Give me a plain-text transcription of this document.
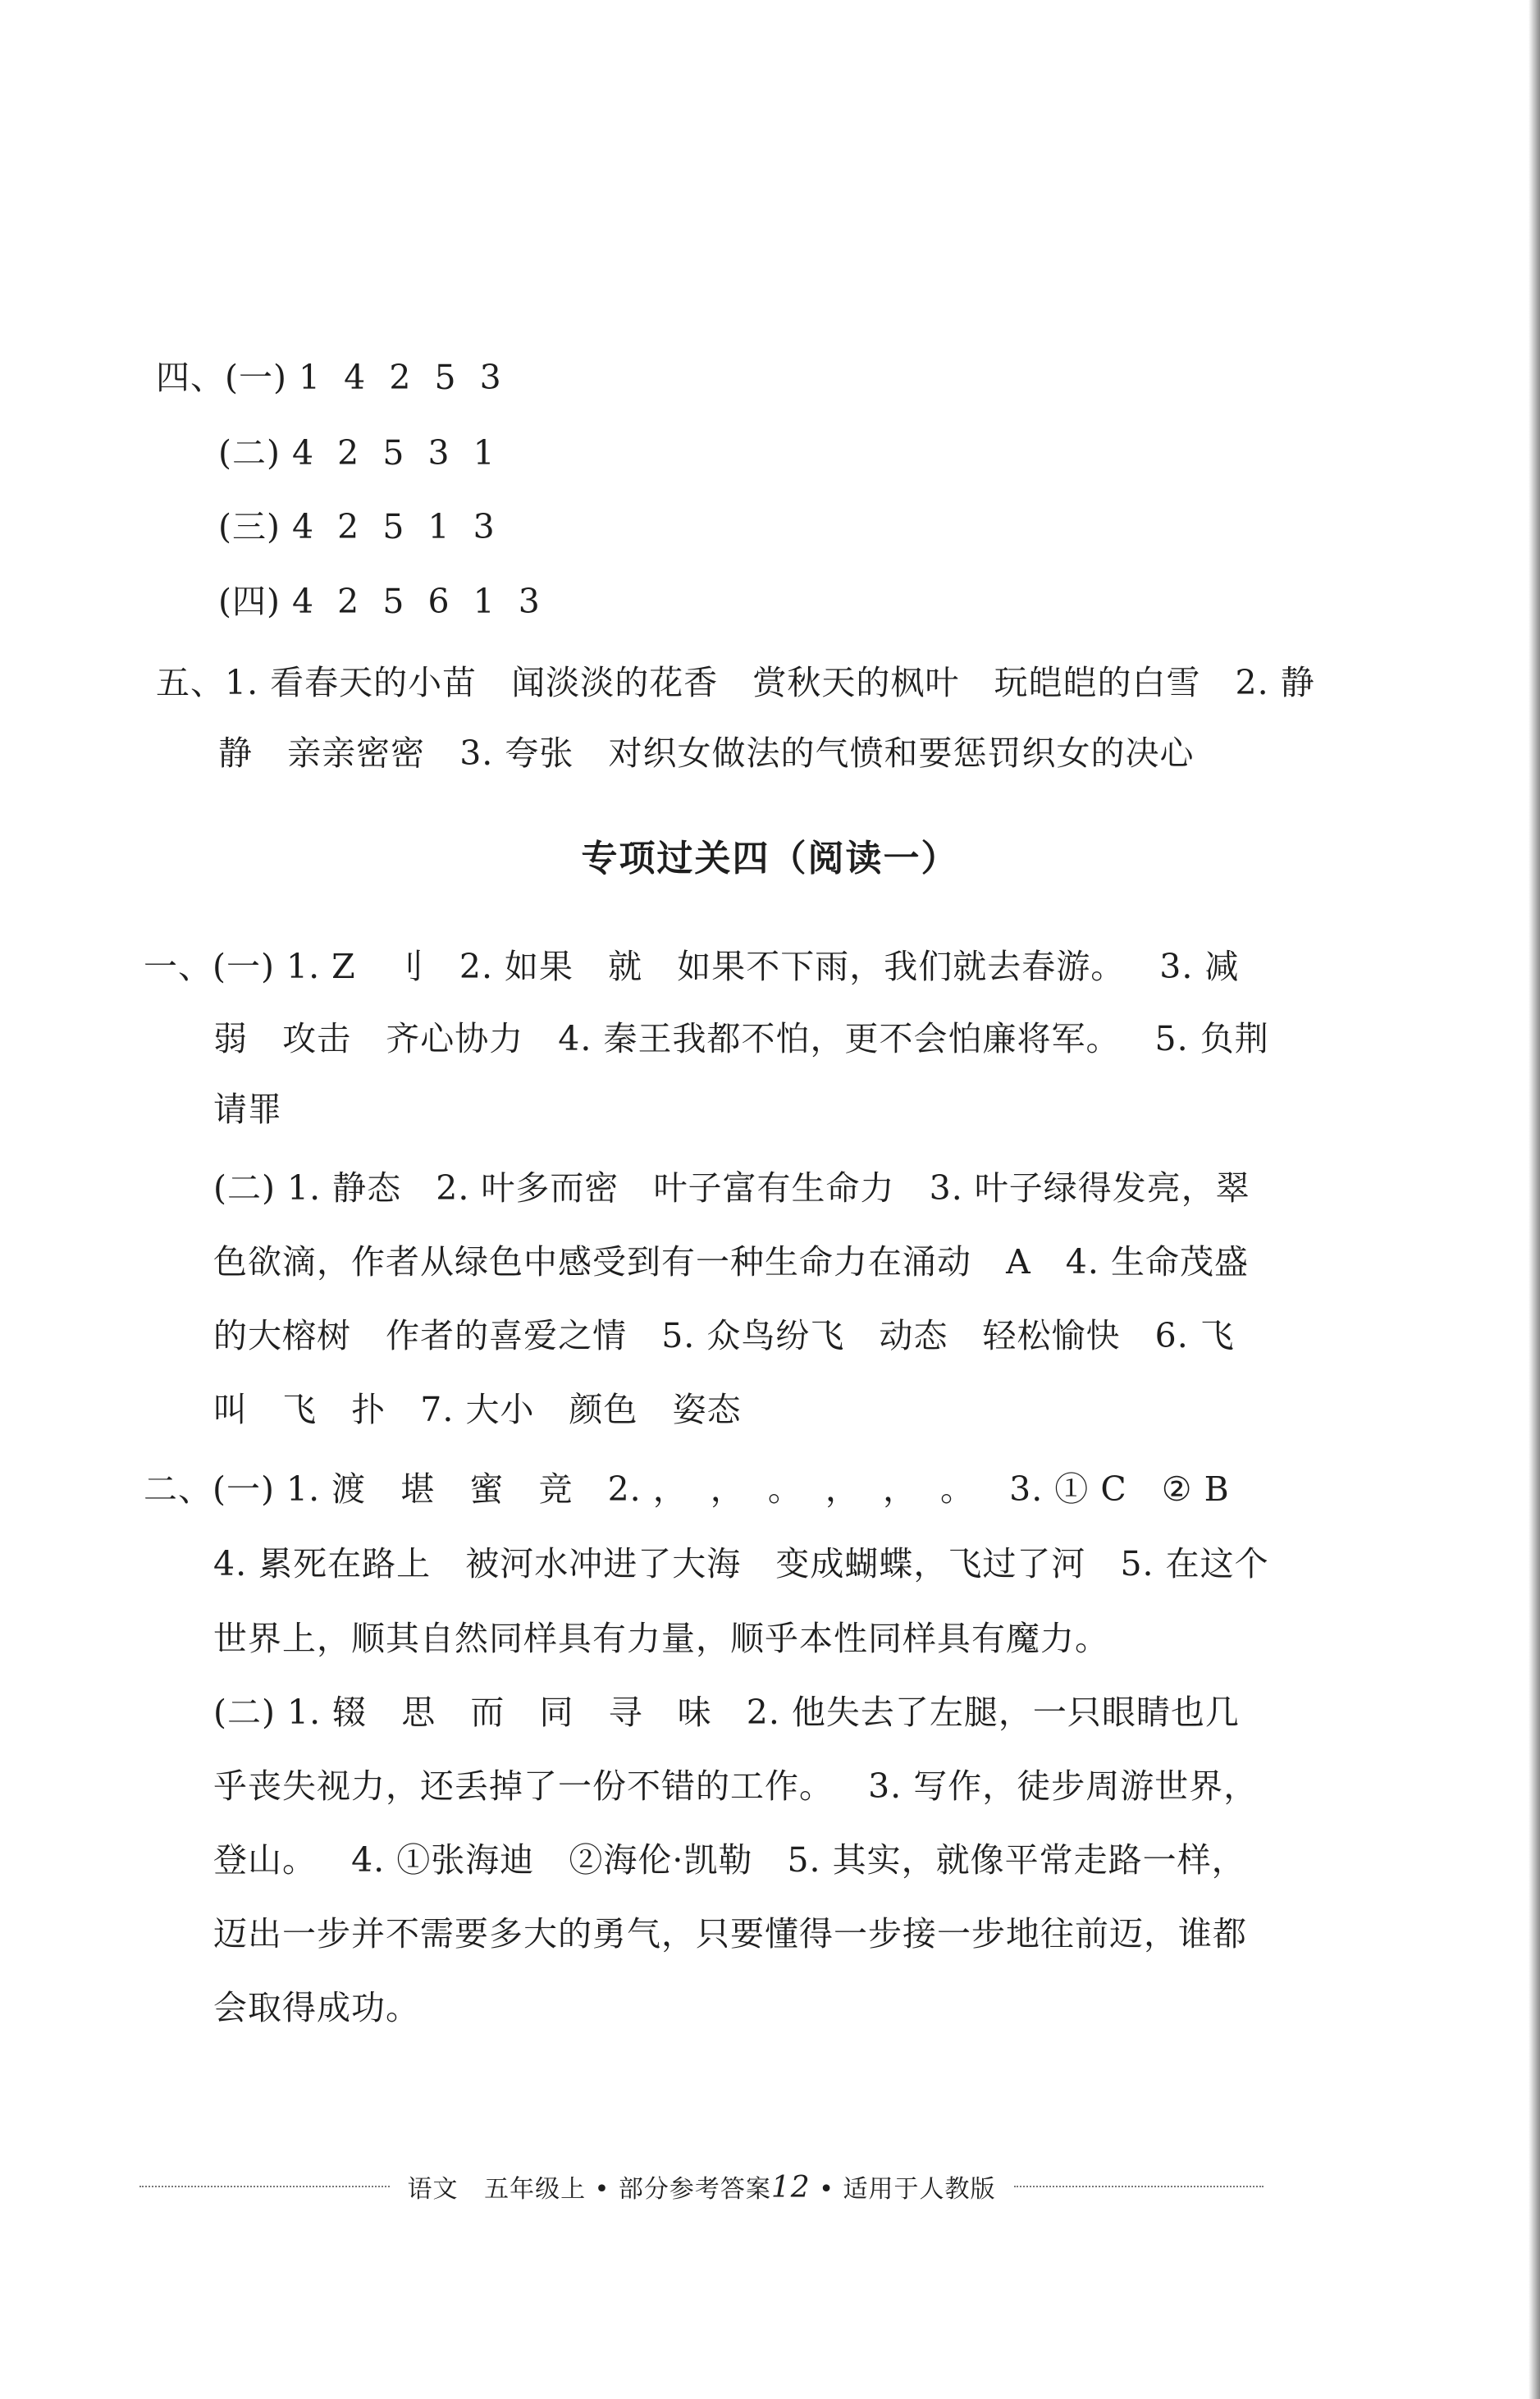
四、(一) 1  4  2  5  3
(二) 4  2  5  3  1
(三) 4  2  5  1  3
(四) 4  2  5  6  1  3
五、1. 看春天的小苗   闻淡淡的花香   赏秋天的枫叶   玩皑皑的白雪   2. 静
静   亲亲密密   3. 夸张   对织女做法的气愤和要惩罚织女的决心
专项过关四（阅读一）
一、(一) 1. Z   刂   2. 如果   就   如果不下雨，我们就去春游。   3. 减
弱   攻击   齐心协力   4. 秦王我都不怕，更不会怕廉将军。   5. 负荆
请罪
(二) 1. 静态   2. 叶多而密   叶子富有生命力   3. 叶子绿得发亮，翠
色欲滴，作者从绿色中感受到有一种生命力在涌动   A   4. 生命茂盛
的大榕树   作者的喜爱之情   5. 众鸟纷飞   动态   轻松愉快   6. 飞
叫   飞   扑   7. 大小   颜色   姿态
二、(一) 1. 渡   堪   蜜   竞   2. ，  ，  。  ，  ，  。   3. ① C   ② B
4. 累死在路上   被河水冲进了大海   变成蝴蝶，飞过了河   5. 在这个
世界上，顺其自然同样具有力量，顺乎本性同样具有魔力。
(二) 1. 辍   思   而   同   寻   味   2. 他失去了左腿，一只眼睛也几
乎丧失视力，还丢掉了一份不错的工作。   3. 写作，徒步周游世界，
登山。   4. ①张海迪   ②海伦·凯勒   5. 其实，就像平常走路一样，
迈出一步并不需要多大的勇气，只要懂得一步接一步地往前迈，谁都
会取得成功。
语文   五年级上 • 部分参考答案12 • 适用于人教版
